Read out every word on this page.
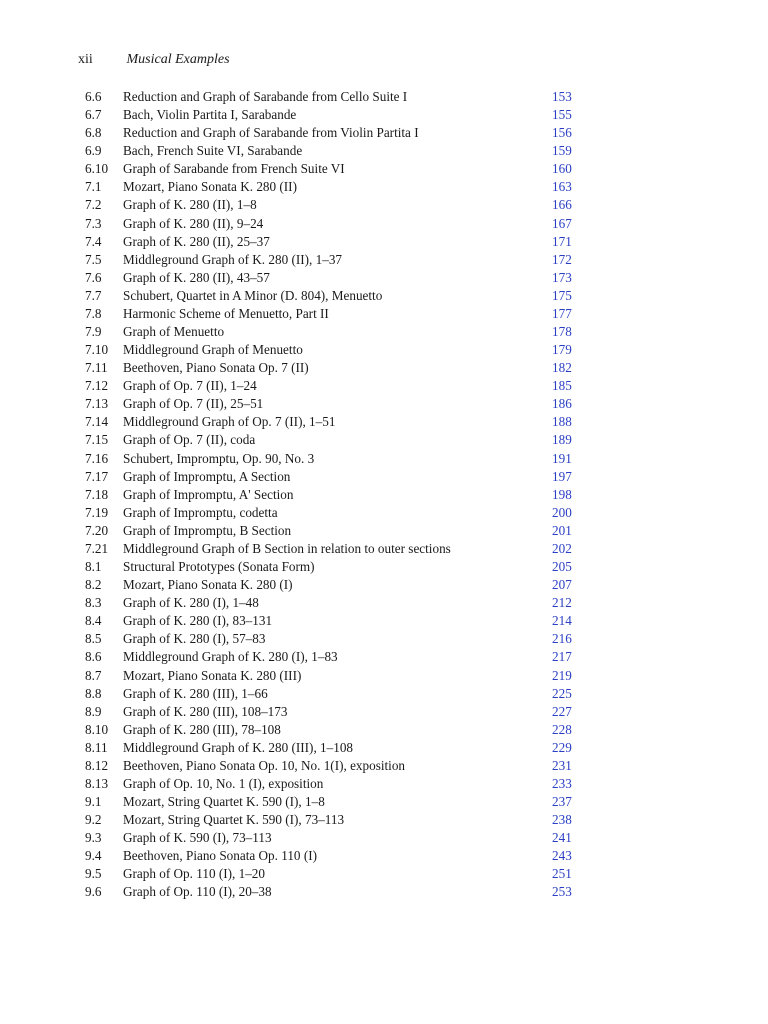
xii Musical Examples
6.6 Reduction and Graph of Sarabande from Cello Suite I	153
6.7 Bach, Violin Partita I, Sarabande	155
6.8 Reduction and Graph of Sarabande from Violin Partita I	156
6.9 Bach, French Suite VI, Sarabande	159
6.10 Graph of Sarabande from French Suite VI	160
7.1 Mozart, Piano Sonata K. 280 (II)	163
7.2 Graph of K. 280 (II), 1–8	166
7.3 Graph of K. 280 (II), 9–24	167
7.4 Graph of K. 280 (II), 25–37	171
7.5 Middleground Graph of K. 280 (II), 1–37	172
7.6 Graph of K. 280 (II), 43–57	173
7.7 Schubert, Quartet in A Minor (D. 804), Menuetto	175
7.8 Harmonic Scheme of Menuetto, Part II	177
7.9 Graph of Menuetto	178
7.10 Middleground Graph of Menuetto	179
7.11 Beethoven, Piano Sonata Op. 7 (II)	182
7.12 Graph of Op. 7 (II), 1–24	185
7.13 Graph of Op. 7 (II), 25–51	186
7.14 Middleground Graph of Op. 7 (II), 1–51	188
7.15 Graph of Op. 7 (II), coda	189
7.16 Schubert, Impromptu, Op. 90, No. 3	191
7.17 Graph of Impromptu, A Section	197
7.18 Graph of Impromptu, A' Section	198
7.19 Graph of Impromptu, codetta	200
7.20 Graph of Impromptu, B Section	201
7.21 Middleground Graph of B Section in relation to outer sections	202
8.1 Structural Prototypes (Sonata Form)	205
8.2 Mozart, Piano Sonata K. 280 (I)	207
8.3 Graph of K. 280 (I), 1–48	212
8.4 Graph of K. 280 (I), 83–131	214
8.5 Graph of K. 280 (I), 57–83	216
8.6 Middleground Graph of K. 280 (I), 1–83	217
8.7 Mozart, Piano Sonata K. 280 (III)	219
8.8 Graph of K. 280 (III), 1–66	225
8.9 Graph of K. 280 (III), 108–173	227
8.10 Graph of K. 280 (III), 78–108	228
8.11 Middleground Graph of K. 280 (III), 1–108	229
8.12 Beethoven, Piano Sonata Op. 10, No. 1(I), exposition	231
8.13 Graph of Op. 10, No. 1 (I), exposition	233
9.1 Mozart, String Quartet K. 590 (I), 1–8	237
9.2 Mozart, String Quartet K. 590 (I), 73–113	238
9.3 Graph of K. 590 (I), 73–113	241
9.4 Beethoven, Piano Sonata Op. 110 (I)	243
9.5 Graph of Op. 110 (I), 1–20	251
9.6 Graph of Op. 110 (I), 20–38	253
